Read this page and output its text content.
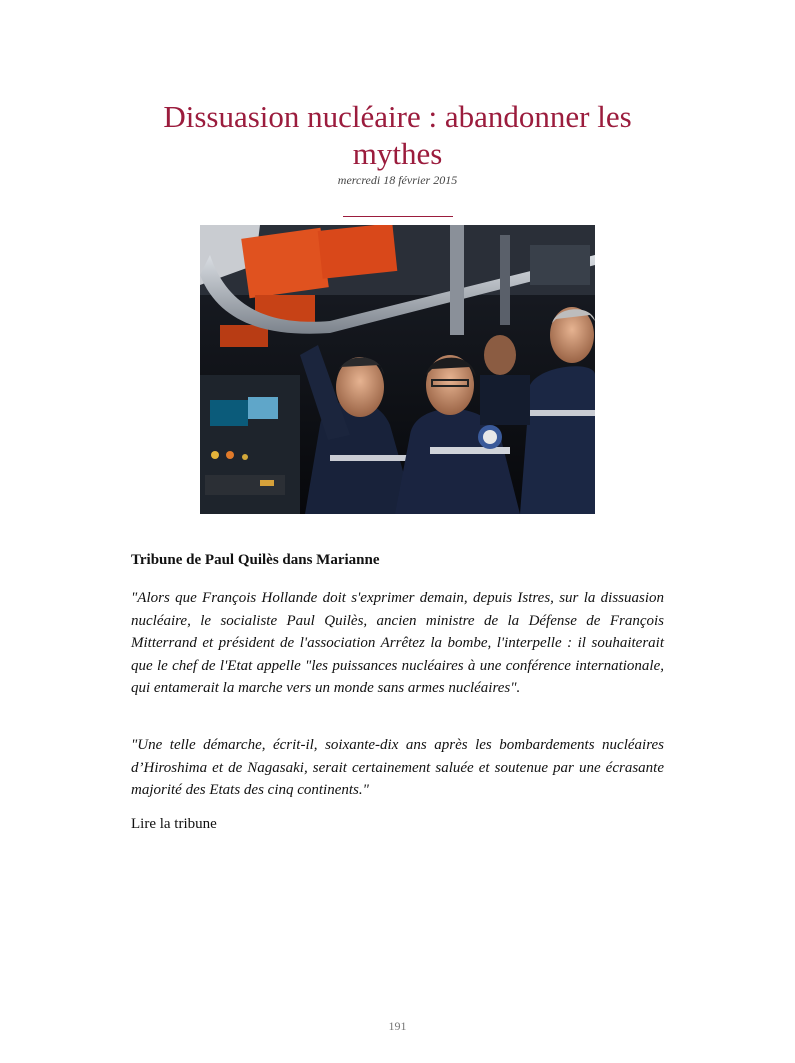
Dissuasion nucléaire : abandonner les mythes
mercredi 18 février 2015
Tribune de Paul Quilès dans Marianne

"Alors que François Hollande doit s'exprimer demain, depuis Istres, sur la dissuasion nucléaire, le socialiste Paul Quilès, ancien ministre de la Défense de François Mitterrand et président de l'association Arrêtez la bombe, l'interpelle : il souhaiterait que le chef de l'Etat appelle "les puissances nucléaires à une conférence internationale, qui entamerait la marche vers un monde sans armes nucléaires".

"Une telle démarche, écrit-il, soixante-dix ans après les bombardements nucléaires d’Hiroshima et de Nagasaki, serait certainement saluée et soutenue par une écrasante majorité des Etats des cinq continents."

Lire la tribune
191
